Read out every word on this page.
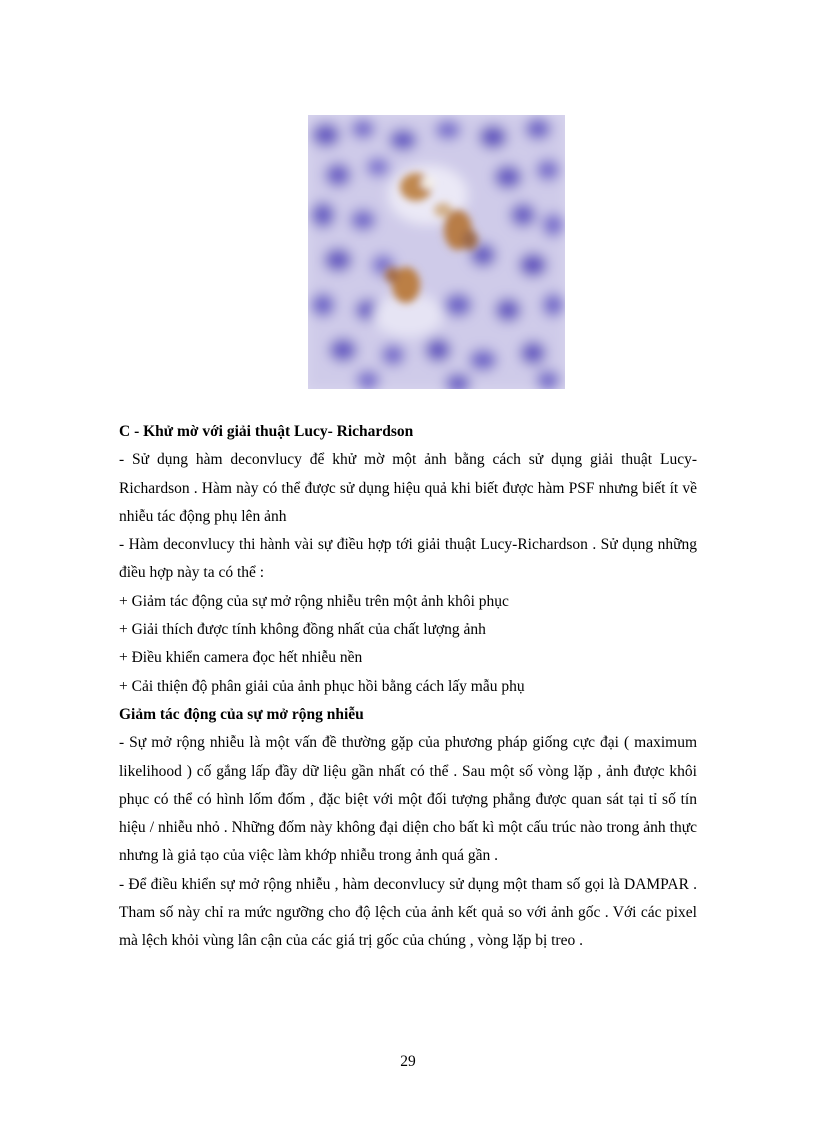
C - Khử mờ với giải thuật Lucy- Richardson

- Sử dụng hàm deconvlucy để khử mờ một ảnh bằng cách sử dụng giải thuật Lucy-Richardson . Hàm này có thể được sử dụng hiệu quả khi biết được hàm PSF nhưng biết ít về nhiễu tác động phụ lên ảnh

- Hàm deconvlucy thi hành vài sự điều hợp tới giải thuật Lucy-Richardson . Sử dụng những điều hợp này ta có thể :

+ Giảm tác động của sự mở rộng nhiễu trên một ảnh khôi phục

+ Giải thích được tính không đồng nhất của chất lượng ảnh

+ Điều khiển camera đọc hết nhiễu nền

+ Cải thiện độ phân giải của ảnh phục hồi bằng cách lấy mẫu phụ

Giảm tác động của sự mở rộng nhiễu

- Sự mở rộng nhiễu là một vấn đề thường gặp của phương pháp giống cực đại ( maximum likelihood ) cố gắng lấp đầy dữ liệu gần nhất có thể . Sau một số vòng lặp , ảnh được khôi phục có thể có hình lốm đốm , đặc biệt với một đối tượng phẳng được quan sát tại tỉ số tín hiệu / nhiễu nhỏ . Những đốm này không đại diện cho bất kì một cấu trúc nào trong ảnh thực nhưng là giả tạo của việc làm khớp nhiễu trong ảnh quá gần .

- Để điều khiển sự mở rộng nhiễu , hàm deconvlucy sử dụng một tham số gọi là DAMPAR . Tham số này chỉ ra mức ngưỡng cho độ lệch của ảnh kết quả so với ảnh gốc . Với các pixel mà lệch khỏi vùng lân cận của các giá trị gốc của chúng , vòng lặp bị treo .

29
